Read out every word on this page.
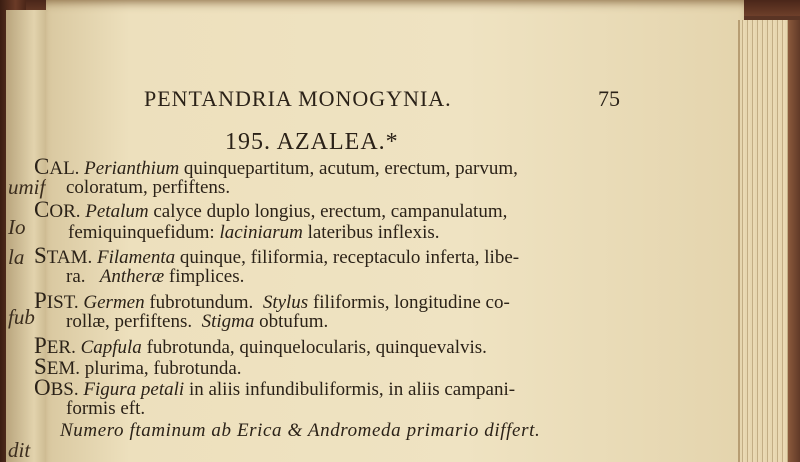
umif
Io
la
fub
dit
PENTANDRIA MONOGYNIA.	75
195. AZALEA.*
CAL. Perianthium quinquepartitum, acutum, erectum, parvum,
coloratum, perfiftens.
COR. Petalum calyce duplo longius, erectum, campanulatum,
femiquinquefidum: laciniarum lateribus inflexis.
STAM. Filamenta quinque, filiformia, receptaculo inferta, libe-
ra. Antheræ fimplices.
PIST. Germen fubrotundum. Stylus filiformis, longitudine co-
rollæ, perfiftens. Stigma obtufum.
PER. Capfula fubrotunda, quinquelocularis, quinquevalvis.
SEM. plurima, fubrotunda.
OBS. Figura petali in aliis infundibuliformis, in aliis campani-
formis eft.
Numero ftaminum ab Erica & Andromeda primario differt.
